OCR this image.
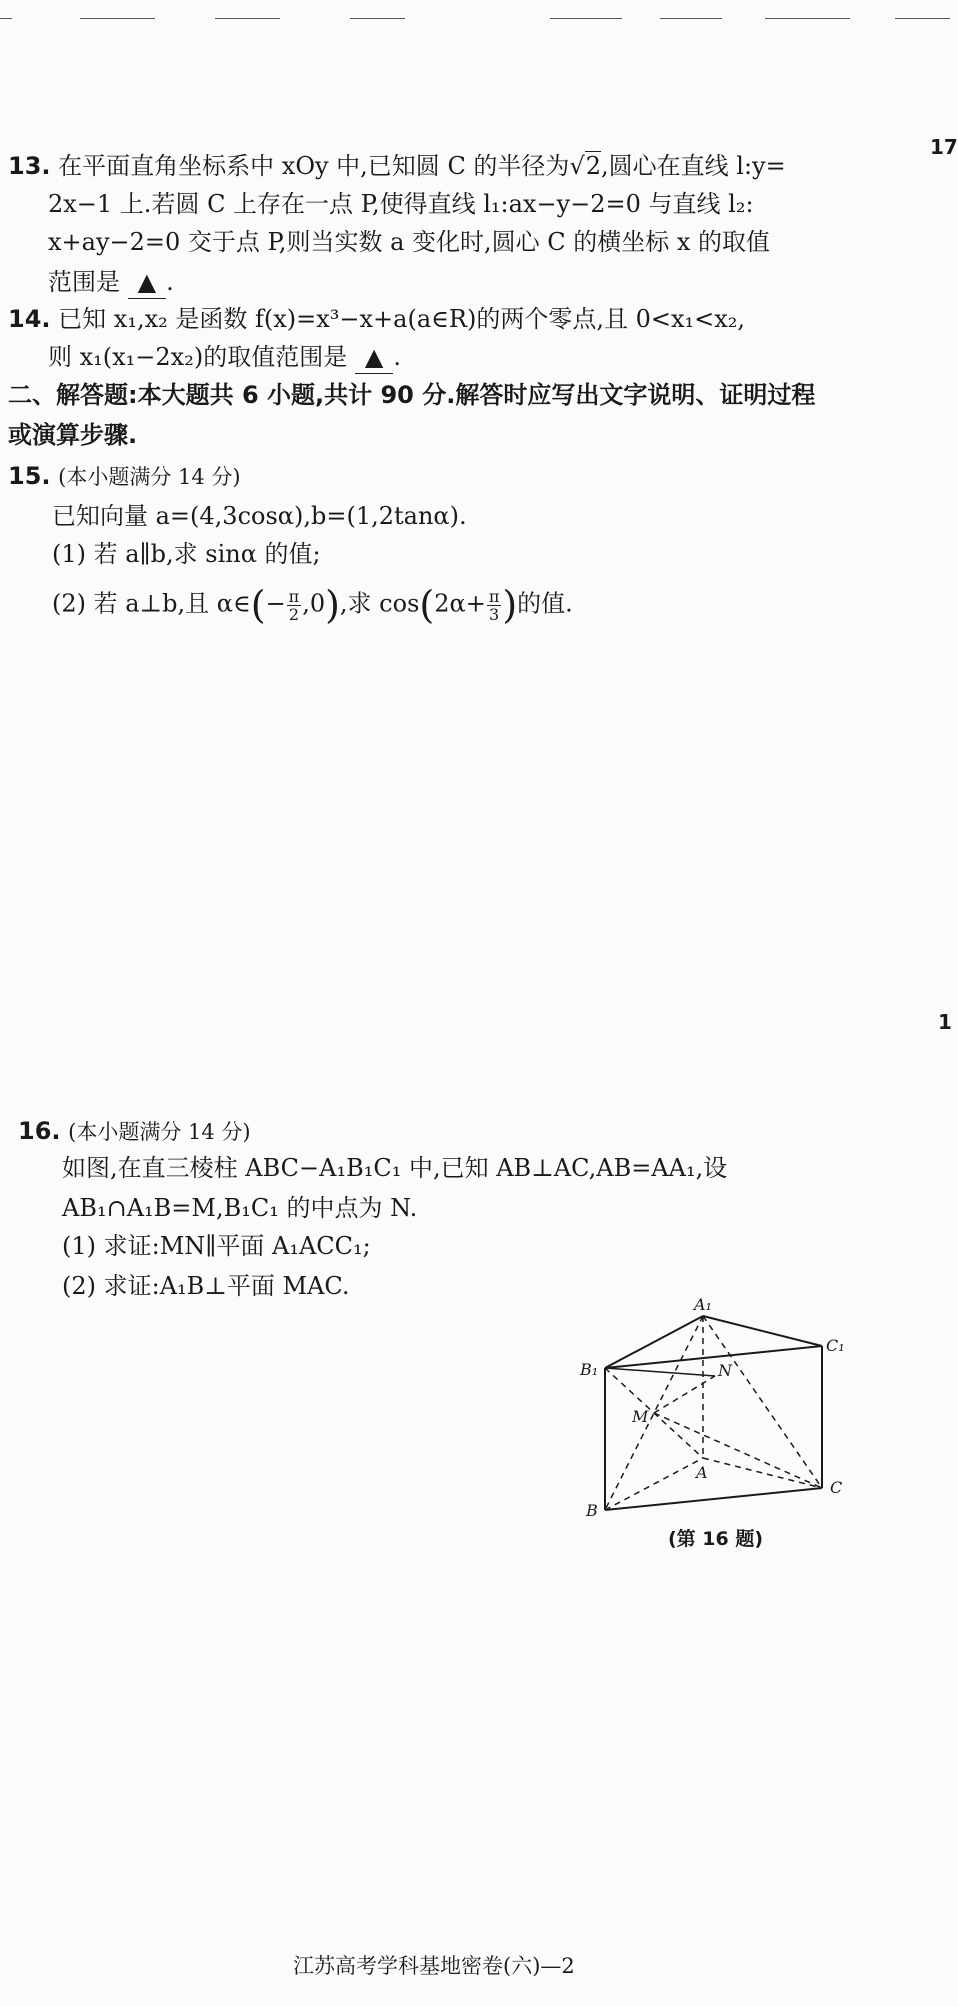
17
1
13. 在平面直角坐标系中 xOy 中,已知圆 C 的半径为√2,圆心在直线 l:y=
2x−1 上.若圆 C 上存在一点 P,使得直线 l₁:ax−y−2=0 与直线 l₂:
x+ay−2=0 交于点 P,则当实数 a 变化时,圆心 C 的横坐标 x 的取值
范围是 ▲ .
14. 已知 x₁,x₂ 是函数 f(x)=x³−x+a(a∈R)的两个零点,且 0<x₁<x₂,
则 x₁(x₁−2x₂)的取值范围是 ▲ .
二、解答题:本大题共 6 小题,共计 90 分.解答时应写出文字说明、证明过程
或演算步骤.
15. (本小题满分 14 分)
已知向量 a=(4,3cosα),b=(1,2tanα).
(1) 若 a∥b,求 sinα 的值;
(2) 若 a⊥b,且 α∈(− $\frac{\pi}{2} ,0$),求 $\cos(2\alpha+ \frac{\pi}{3}$ )的值.
16. (本小题满分 14 分)
如图,在直三棱柱 ABC−A₁B₁C₁ 中,已知 AB⊥AC,AB=AA₁,设
AB₁∩A₁B=M,B₁C₁ 的中点为 N.
(1) 求证:MN∥平面 A₁ACC₁;
(2) 求证:A₁B⊥平面 MAC.
A₁
B₁
C₁
N
M
A
B
C
(第 16 题)
江苏高考学科基地密卷(六)—2
